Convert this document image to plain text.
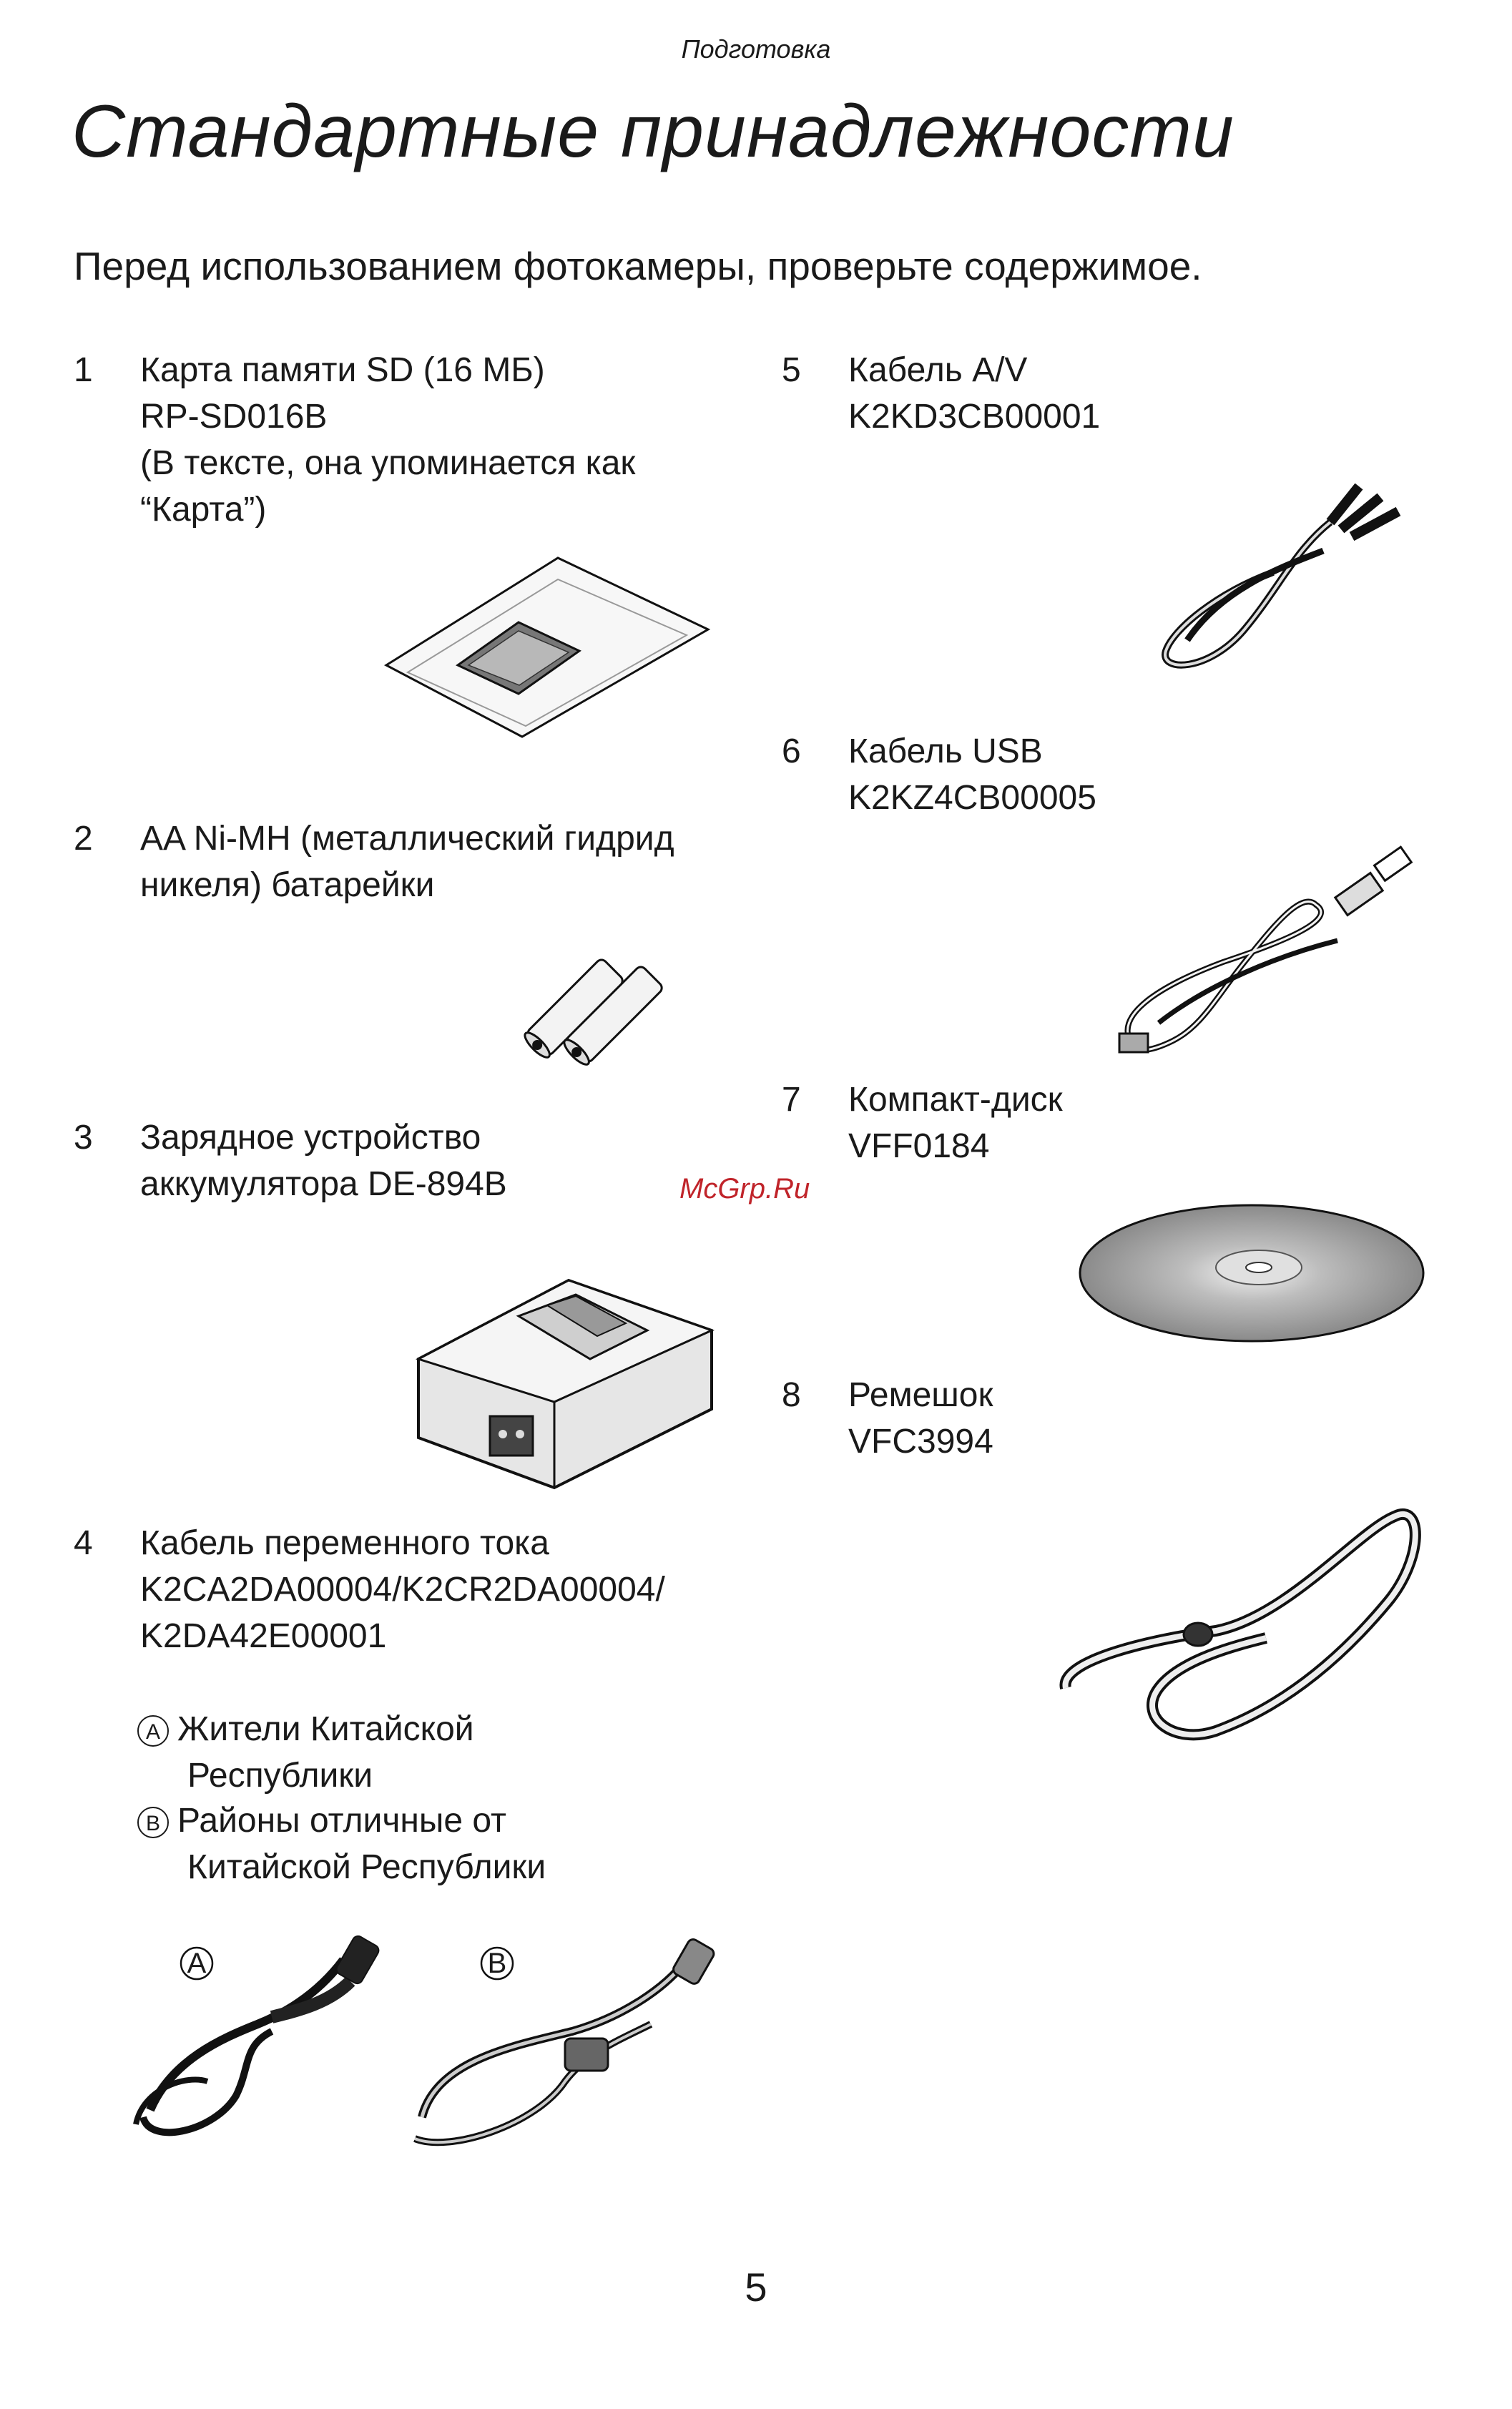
Подготовка
Стандартные принадлежности
Перед использованием фотокамеры, проверьте содержимое.
1 Карта памяти SD (16 МБ)
RP-SD016B
(В тексте, она упоминается как
“Карта”)
2 AA Ni-MH (металлический гидрид
никеля) батарейки
3 Зарядное устройство
аккумулятора DE-894B
4 Кабель переменного тока
K2CA2DA00004/K2CR2DA00004/
K2DA42E00001
A Жители Китайской
Республики
B Районы отличные от
Китайской Республики
5 Кабель A/V
K2KD3CB00001
6 Кабель USB
K2KZ4CB00005
7 Компакт-диск
VFF0184
8 Ремешок
VFC3994
McGrp.Ru
5
A	B
